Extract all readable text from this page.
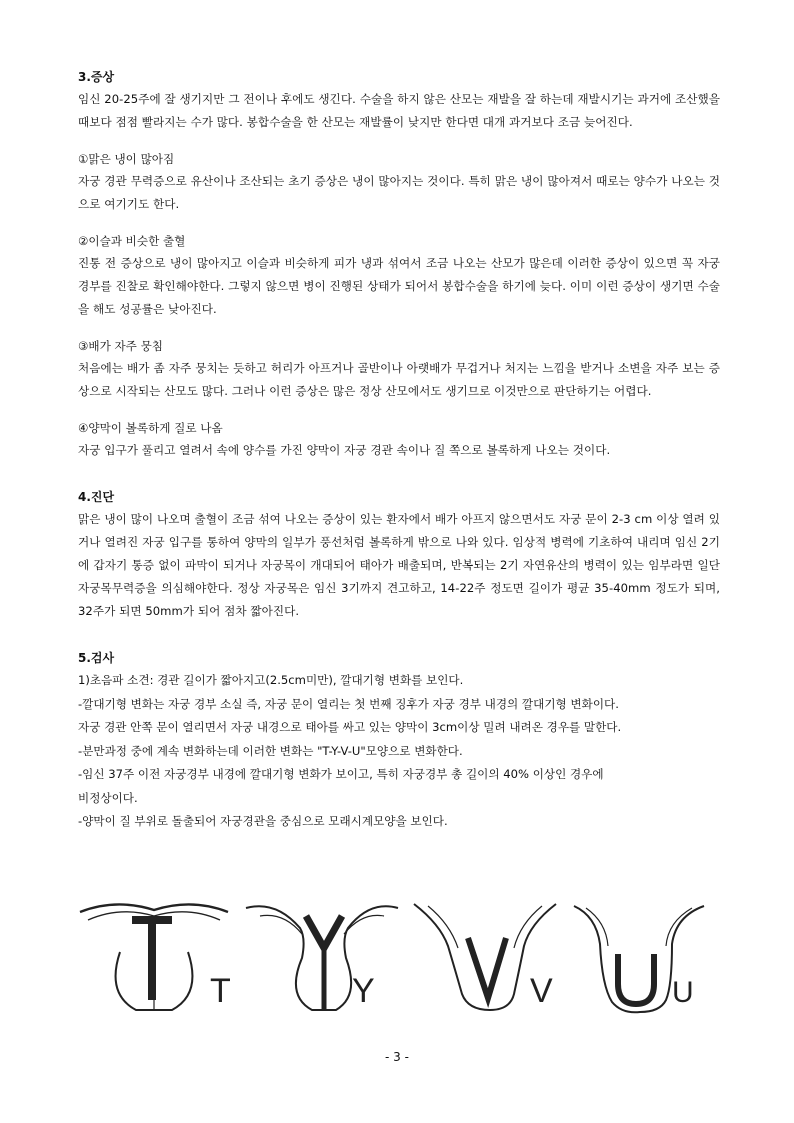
3.증상

임신 20-25주에 잘 생기지만 그 전이나 후에도 생긴다. 수술을 하지 않은 산모는 재발을 잘 하는데 재발시기는 과거에 조산했을 때보다 점점 빨라지는 수가 많다. 봉합수술을 한 산모는 재발률이 낮지만 한다면 대개 과거보다 조금 늦어진다.

①맑은 냉이 많아짐

자궁 경관 무력증으로 유산이나 조산되는 초기 증상은 냉이 많아지는 것이다. 특히 맑은 냉이 많아져서 때로는 양수가 나오는 것으로 여기기도 한다.

②이슬과 비슷한 출혈

진통 전 증상으로 냉이 많아지고 이슬과 비슷하게 피가 냉과 섞여서 조금 나오는 산모가 많은데 이러한 증상이 있으면 꼭 자궁 경부를 진찰로 확인해야한다. 그렇지 않으면 병이 진행된 상태가 되어서 봉합수술을 하기에 늦다. 이미 이런 증상이 생기면 수술을 해도 성공률은 낮아진다.

③배가 자주 뭉침

처음에는 배가 좀 자주 뭉치는 듯하고 허리가 아프거나 골반이나 아랫배가 무겁거나 처지는 느낌을 받거나 소변을 자주 보는 증상으로 시작되는 산모도 많다. 그러나 이런 증상은 많은 정상 산모에서도 생기므로 이것만으로 판단하기는 어렵다.

④양막이 볼록하게 질로 나옴

자궁 입구가 풀리고 열려서 속에 양수를 가진 양막이 자궁 경관 속이나 질 쪽으로 볼록하게 나오는 것이다.

4.진단

맑은 냉이 많이 나오며 출혈이 조금 섞여 나오는 증상이 있는 환자에서 배가 아프지 않으면서도 자궁 문이 2-3 cm 이상 열려 있거나 열려진 자궁 입구를 통하여 양막의 일부가 풍선처럼 볼록하게 밖으로 나와 있다. 임상적 병력에 기초하여 내리며 임신 2기에 갑자기 통증 없이 파막이 되거나 자궁목이 개대되어 태아가 배출되며, 반복되는 2기 자연유산의 병력이 있는 임부라면 일단 자궁목무력증을 의심해야한다. 정상 자궁목은 임신 3기까지 견고하고, 14-22주 정도면 길이가 평균 35-40mm 정도가 되며, 32주가 되면 50mm가 되어 점차 짧아진다.

5.검사

1)초음파 소견: 경관 길이가 짧아지고(2.5cm미만), 깔대기형 변화를 보인다.

-깔대기형 변화는 자궁 경부 소실 즉, 자궁 문이 열리는 첫 번째 징후가 자궁 경부 내경의 깔대기형 변화이다.

자궁 경관 안쪽 문이 열리면서 자궁 내경으로 태아를 싸고 있는 양막이 3cm이상 밀려 내려온 경우를 말한다.

-분만과정 중에 계속 변화하는데 이러한 변화는 "T-Y-V-U"모양으로 변화한다.

-임신 37주 이전 자궁경부 내경에 깔대기형 변화가 보이고, 특히 자궁경부 총 길이의 40% 이상인 경우에

비정상이다.

-양막이 질 부위로 돌출되어 자궁경관을 중심으로 모래시계모양을 보인다.

T	Y	V	U
- 3 -
